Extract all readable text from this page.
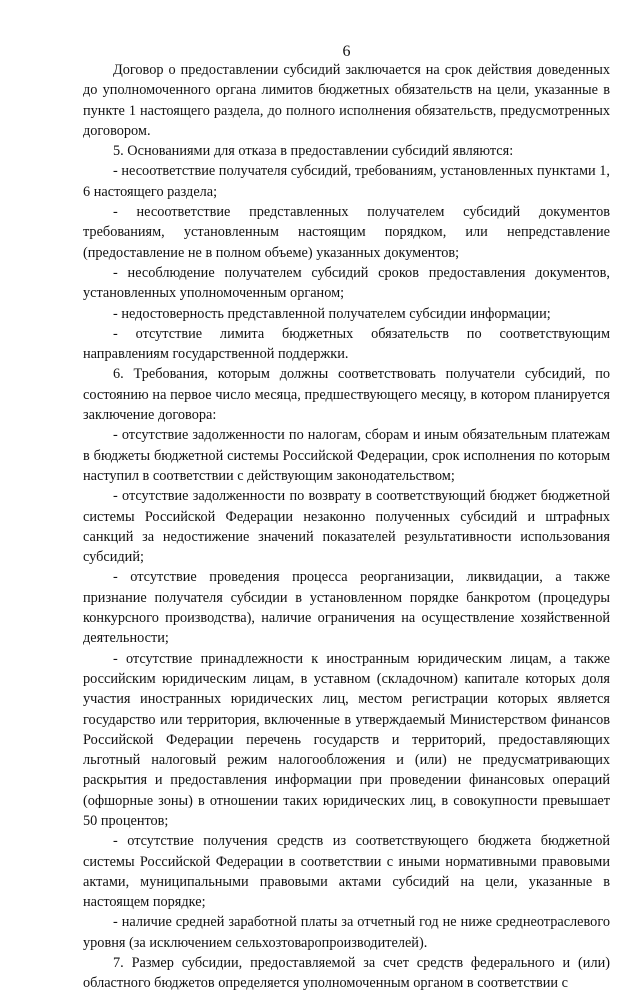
6

Договор о предоставлении субсидий заключается на срок действия доведенных до уполномоченного органа лимитов бюджетных обязательств на цели, указанные в пункте 1 настоящего раздела, до полного исполнения обязательств, предусмотренных договором.

5. Основаниями для отказа в предоставлении субсидий являются:

- несоответствие получателя субсидий, требованиям, установленных пунктами 1, 6 настоящего раздела;

- несоответствие представленных получателем субсидий документов требованиям, установленным настоящим порядком, или непредставление (предоставление не в полном объеме) указанных документов;

- несоблюдение получателем субсидий сроков предоставления документов, установленных уполномоченным органом;

- недостоверность представленной получателем субсидии информации;

- отсутствие лимита бюджетных обязательств по соответствующим направлениям государственной поддержки.

6. Требования, которым должны соответствовать получатели субсидий, по состоянию на первое число месяца, предшествующего месяцу, в котором планируется заключение договора:

- отсутствие задолженности по налогам, сборам и иным обязательным платежам в бюджеты бюджетной системы Российской Федерации, срок исполнения по которым наступил в соответствии с действующим законодательством;

- отсутствие задолженности по возврату в соответствующий бюджет бюджетной системы Российской Федерации незаконно полученных субсидий и штрафных санкций за недостижение значений показателей результативности использования субсидий;

- отсутствие проведения процесса реорганизации, ликвидации, а также признание получателя субсидии в установленном порядке банкротом (процедуры конкурсного производства), наличие ограничения на осуществление хозяйственной деятельности;

- отсутствие принадлежности к иностранным юридическим лицам, а также российским юридическим лицам, в уставном (складочном) капитале которых доля участия иностранных юридических лиц, местом регистрации которых является государство или территория, включенные в утверждаемый Министерством финансов Российской Федерации перечень государств и территорий, предоставляющих льготный налоговый режим налогообложения и (или) не предусматривающих раскрытия и предоставления информации при проведении финансовых операций (офшорные зоны) в отношении таких юридических лиц, в совокупности превышает 50 процентов;

- отсутствие получения средств из соответствующего бюджета бюджетной системы Российской Федерации в соответствии с иными нормативными правовыми актами, муниципальными правовыми актами субсидий на цели, указанные в настоящем порядке;

- наличие средней заработной платы за отчетный год не ниже среднеотраслевого уровня (за исключением сельхозтоваропроизводителей).

7. Размер субсидии, предоставляемой за счет средств федерального и (или) областного бюджетов определяется уполномоченным органом в соответствии с
